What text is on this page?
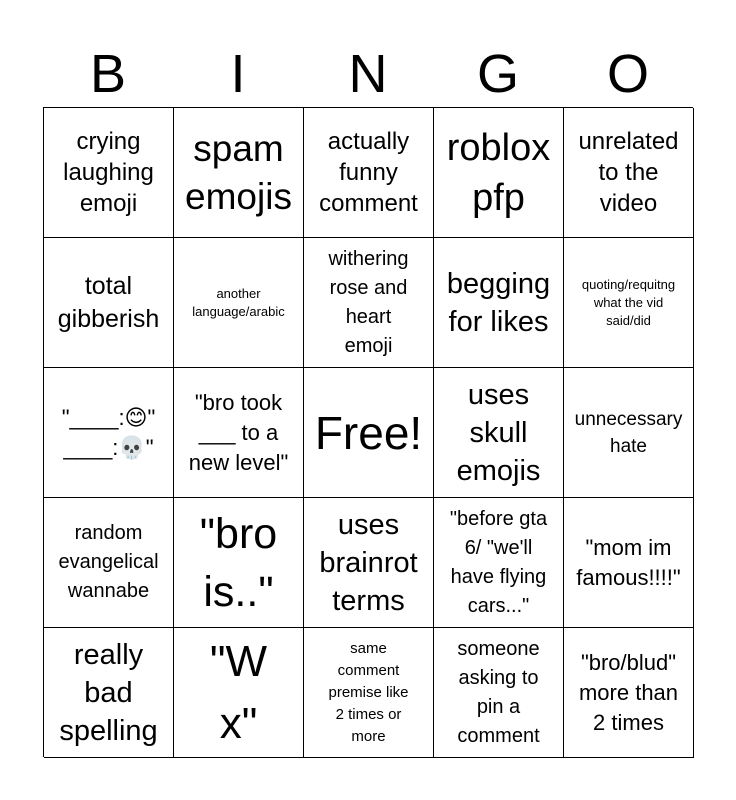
B	I	N	G	O
crying
laughing
emoji
spam
emojis
actually
funny
comment
roblox
pfp
unrelated
to the
video
total
gibberish
another
language/arabic
withering
rose and
heart
emoji
begging
for likes
quoting/requitng
what the vid
said/did
"____:😊"
____:💀"
"bro took
___ to a
new level"
Free!
uses
skull
emojis
unnecessary
hate
random
evangelical
wannabe
"bro
is.."
uses
brainrot
terms
"before gta
6/ "we'll
have flying
cars..."
"mom im
famous!!!!"
really
bad
spelling
"W
x"
same
comment
premise like
2 times or
more
someone
asking to
pin a
comment
"bro/blud"
more than
2 times
